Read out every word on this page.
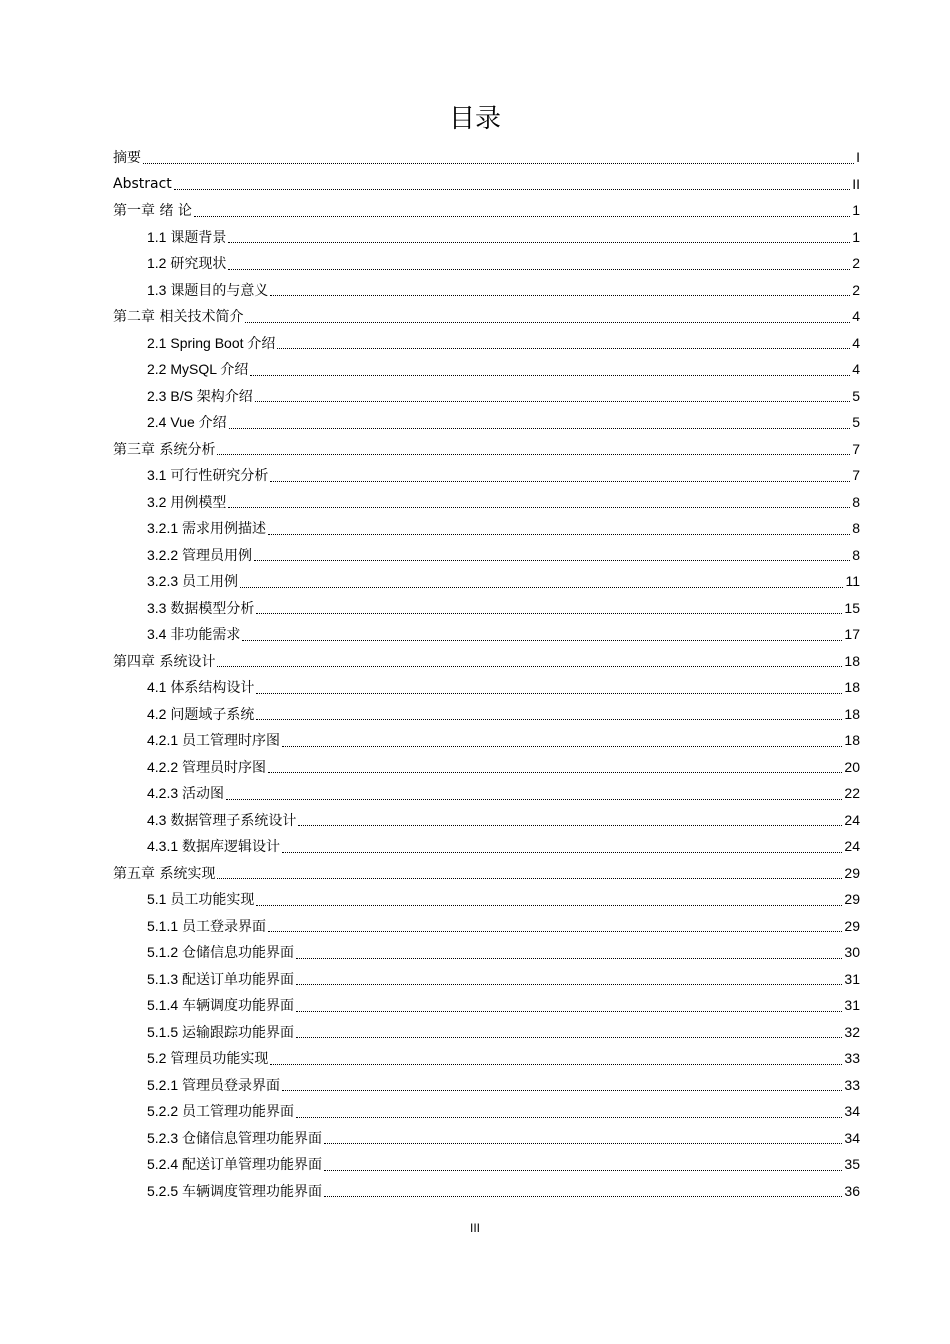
目录
摘要	I
Abstract	II
第一章 绪 论	1
1.1 课题背景	1
1.2 研究现状	2
1.3 课题目的与意义	2
第二章 相关技术简介	4
2.1 Spring Boot 介绍	4
2.2 MySQL 介绍	4
2.3 B/S 架构介绍	5
2.4 Vue 介绍	5
第三章 系统分析	7
3.1 可行性研究分析	7
3.2 用例模型	8
3.2.1 需求用例描述	8
3.2.2 管理员用例	8
3.2.3 员工用例	11
3.3 数据模型分析	15
3.4 非功能需求	17
第四章 系统设计	18
4.1 体系结构设计	18
4.2 问题域子系统	18
4.2.1 员工管理时序图	18
4.2.2 管理员时序图	20
4.2.3 活动图	22
4.3 数据管理子系统设计	24
4.3.1 数据库逻辑设计	24
第五章 系统实现	29
5.1 员工功能实现	29
5.1.1 员工登录界面	29
5.1.2 仓储信息功能界面	30
5.1.3 配送订单功能界面	31
5.1.4 车辆调度功能界面	31
5.1.5 运输跟踪功能界面	32
5.2 管理员功能实现	33
5.2.1 管理员登录界面	33
5.2.2 员工管理功能界面	34
5.2.3 仓储信息管理功能界面	34
5.2.4 配送订单管理功能界面	35
5.2.5 车辆调度管理功能界面	36
III
